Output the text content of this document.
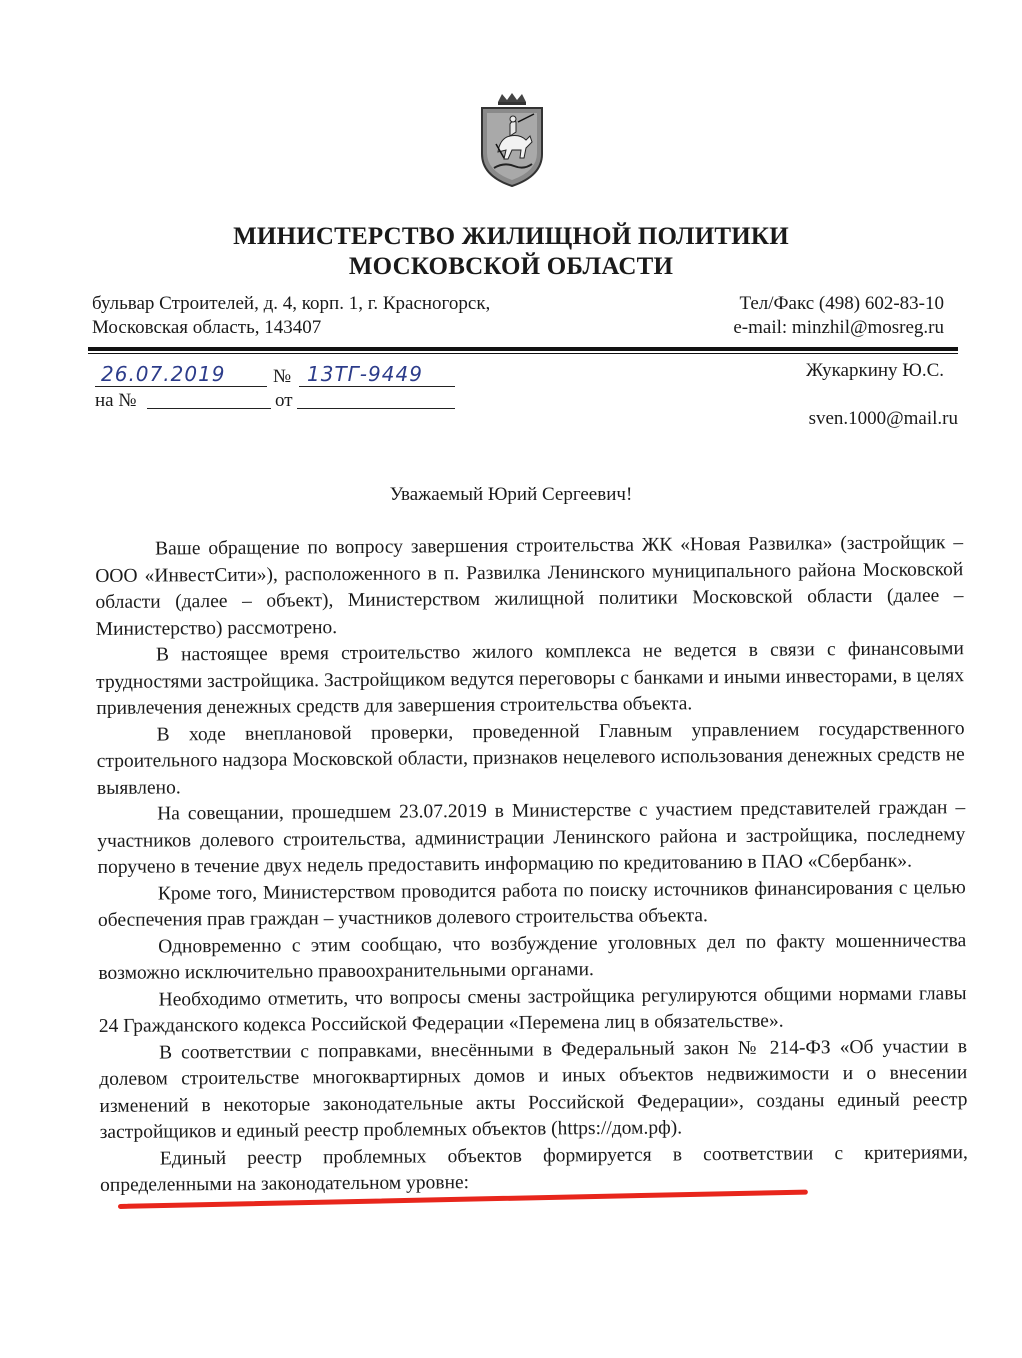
МИНИСТЕРСТВО ЖИЛИЩНОЙ ПОЛИТИКИ
МОСКОВСКОЙ ОБЛАСТИ
бульвар Строителей, д. 4, корп. 1, г. Красногорск,
Московская область, 143407
Тел/Факс (498) 602-83-10
e-mail: minzhil@mosreg.ru
26.07.2019 № 13ТГ-9449
на №	от
Жукаркину Ю.С.
sven.1000@mail.ru
Уважаемый Юрий Сергеевич!

Ваше обращение по вопросу завершения строительства ЖК «Новая Развилка» (застройщик – ООО «ИнвестСити»), расположенного в п. Развилка Ленинского муниципального района Московской области (далее – объект), Министерством жилищной политики Московской области (далее – Министерство) рассмотрено.

В настоящее время строительство жилого комплекса не ведется в связи с финансовыми трудностями застройщика. Застройщиком ведутся переговоры с банками и иными инвесторами, в целях привлечения денежных средств для завершения строительства объекта.

В ходе внеплановой проверки, проведенной Главным управлением государственного строительного надзора Московской области, признаков нецелевого использования денежных средств не выявлено.

На совещании, прошедшем 23.07.2019 в Министерстве с участием представителей граждан – участников долевого строительства, администрации Ленинского района и застройщика, последнему поручено в течение двух недель предоставить информацию по кредитованию в ПАО «Сбербанк».

Кроме того, Министерством проводится работа по поиску источников финансирования с целью обеспечения прав граждан – участников долевого строительства объекта.

Одновременно с этим сообщаю, что возбуждение уголовных дел по факту мошенничества возможно исключительно правоохранительными органами.

Необходимо отметить, что вопросы смены застройщика регулируются общими нормами главы 24 Гражданского кодекса Российской Федерации «Перемена лиц в обязательстве».

В соответствии с поправками, внесёнными в Федеральный закон № 214-ФЗ «Об участии в долевом строительстве многоквартирных домов и иных объектов недвижимости и о внесении изменений в некоторые законодательные акты Российской Федерации», созданы единый реестр застройщиков и единый реестр проблемных объектов (https://дом.рф).

Единый реестр проблемных объектов формируется в соответствии с критериями, определенными на законодательном уровне:
